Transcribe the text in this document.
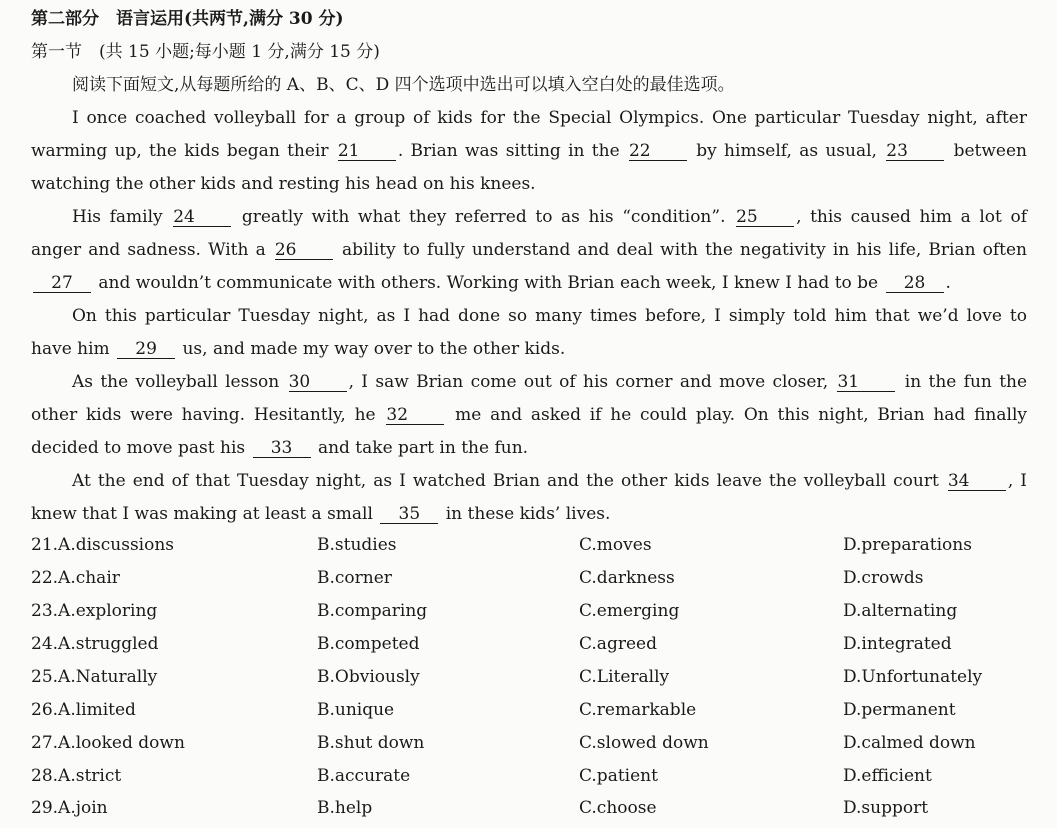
第二部分　语言运用(共两节,满分 30 分)
第一节　(共 15 小题;每小题 1 分,满分 15 分)
阅读下面短文,从每题所给的 A、B、C、D 四个选项中选出可以填入空白处的最佳选项。
I once coached volleyball for a group of kids for the Special Olympics. One particular Tuesday night, after
warming up, the kids began their 21 . Brian was sitting in the 22	by himself, as usual, 23	between
watching the other kids and resting his head on his knees.
His family 24	greatly with what they referred to as his “condition”. 25 , this caused him a lot of
anger and sadness. With a 26	ability to fully understand and deal with the negativity in his life, Brian often
27 and wouldn’t communicate with others. Working with Brian each week, I knew I had to be 28 .
On this particular Tuesday night, as I had done so many times before, I simply told him that we’d love to
have him 29 us, and made my way over to the other kids.
As the volleyball lesson 30 , I saw Brian come out of his corner and move closer, 31	in the fun the
other kids were having. Hesitantly, he 32	me and asked if he could play. On this night, Brian had finally
decided to move past his 33 and take part in the fun.
At the end of that Tuesday night, as I watched Brian and the other kids leave the volleyball court 34 , I
knew that I was making at least a small 35 in these kids’ lives.
21.A.discussions	B.studies	C.moves	D.preparations
22.A.chair	B.corner	C.darkness	D.crowds
23.A.exploring	B.comparing	C.emerging	D.alternating
24.A.struggled	B.competed	C.agreed	D.integrated
25.A.Naturally	B.Obviously	C.Literally	D.Unfortunately
26.A.limited	B.unique	C.remarkable	D.permanent
27.A.looked down	B.shut down	C.slowed down	D.calmed down
28.A.strict	B.accurate	C.patient	D.efficient
29.A.join	B.help	C.choose	D.support
